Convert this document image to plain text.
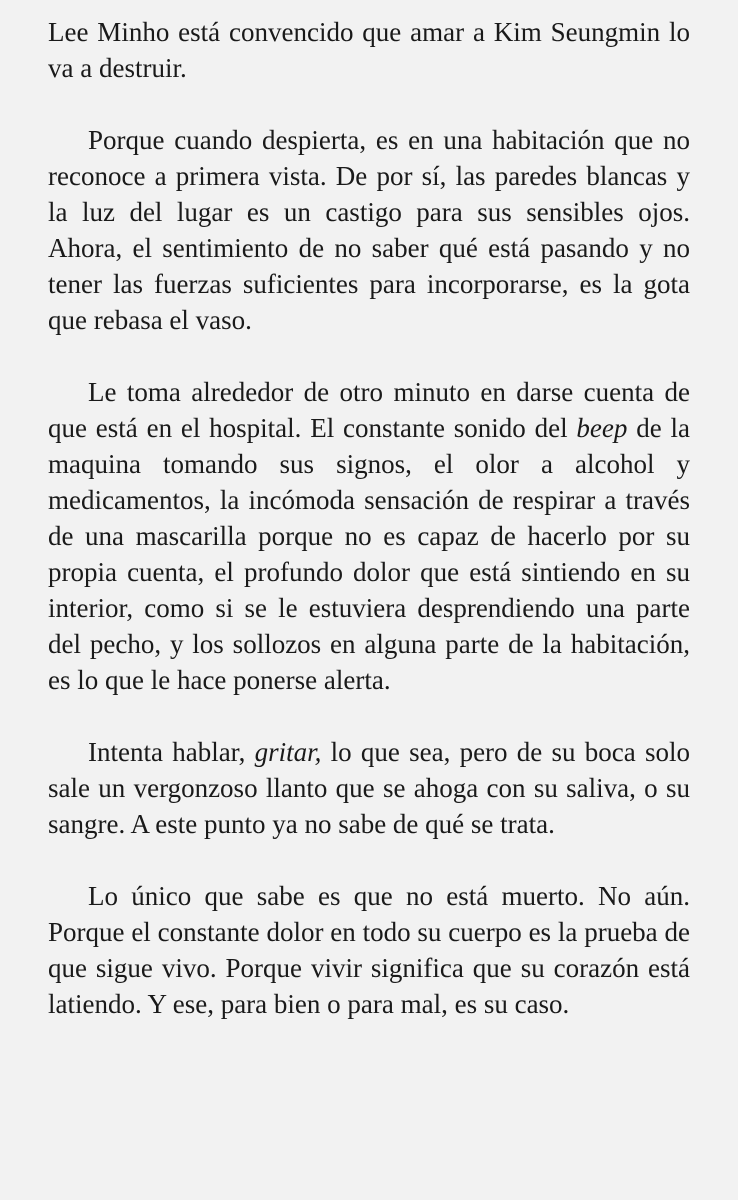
Lee Minho está convencido que amar a Kim Seungmin lo va a destruir.

Porque cuando despierta, es en una habitación que no reconoce a primera vista. De por sí, las paredes blancas y la luz del lugar es un castigo para sus sensibles ojos. Ahora, el sentimiento de no saber qué está pasando y no tener las fuerzas suficientes para incorporarse, es la gota que rebasa el vaso.

Le toma alrededor de otro minuto en darse cuenta de que está en el hospital. El constante sonido del beep de la maquina tomando sus signos, el olor a alcohol y medicamentos, la incómoda sensación de respirar a través de una mascarilla porque no es capaz de hacerlo por su propia cuenta, el profundo dolor que está sintiendo en su interior, como si se le estuviera desprendiendo una parte del pecho, y los sollozos en alguna parte de la habitación, es lo que le hace ponerse alerta.

Intenta hablar, gritar, lo que sea, pero de su boca solo sale un vergonzoso llanto que se ahoga con su saliva, o su sangre. A este punto ya no sabe de qué se trata.

Lo único que sabe es que no está muerto. No aún. Porque el constante dolor en todo su cuerpo es la prueba de que sigue vivo. Porque vivir significa que su corazón está latiendo. Y ese, para bien o para mal, es su caso.
